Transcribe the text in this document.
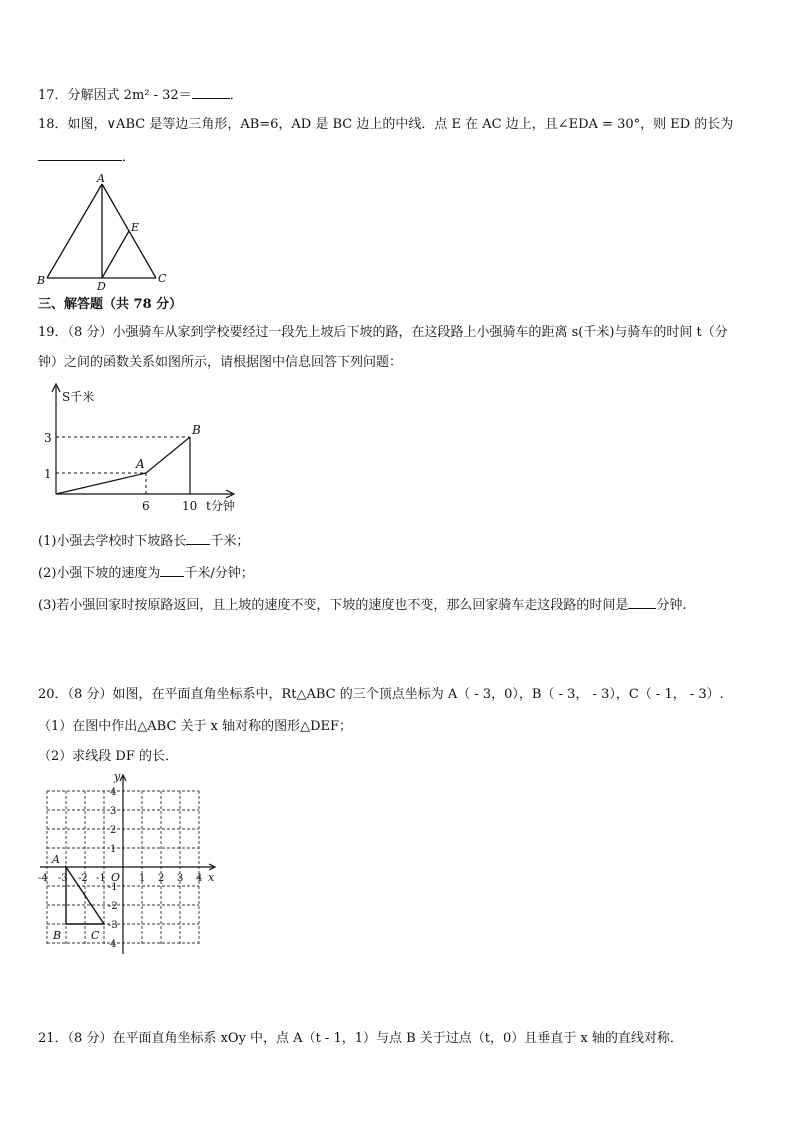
17．分解因式 2m² - 32＝	．
18．如图，∨ABC 是等边三角形，AB=6，AD 是 BC 边上的中线．点 E 在 AC 边上，且∠EDA = 30°，则 ED 的长为
．
A
B	C
D
E
三、解答题（共 78 分）
19．（8 分）小强骑车从家到学校要经过一段先上坡后下坡的路，在这段路上小强骑车的距离 s(千米)与骑车的时间 t（分
钟）之间的函数关系如图所示，请根据图中信息回答下列问题：
S千米
3
1
6	10 t分钟
A
B
(1)小强去学校时下坡路长 千米；
(2)小强下坡的速度为 千米/分钟；
(3)若小强回家时按原路返回，且上坡的速度不变，下坡的速度也不变，那么回家骑车走这段路的时间是 分钟.
20．（8 分）如图，在平面直角坐标系中，Rt△ABC 的三个顶点坐标为 A（ - 3，0），B（ - 3， - 3），C（ - 1， - 3）.
（1）在图中作出△ABC 关于 x 轴对称的图形△DEF；
（2）求线段 DF 的长．
y
x
O
4
3
2
1
-1
-2
-3
4
-4 -3 -2 -1	1 2 3 4
A
B	C
21．（8 分）在平面直角坐标系 xOy 中，点 A（t - 1，1）与点 B 关于过点（t，0）且垂直于 x 轴的直线对称．
